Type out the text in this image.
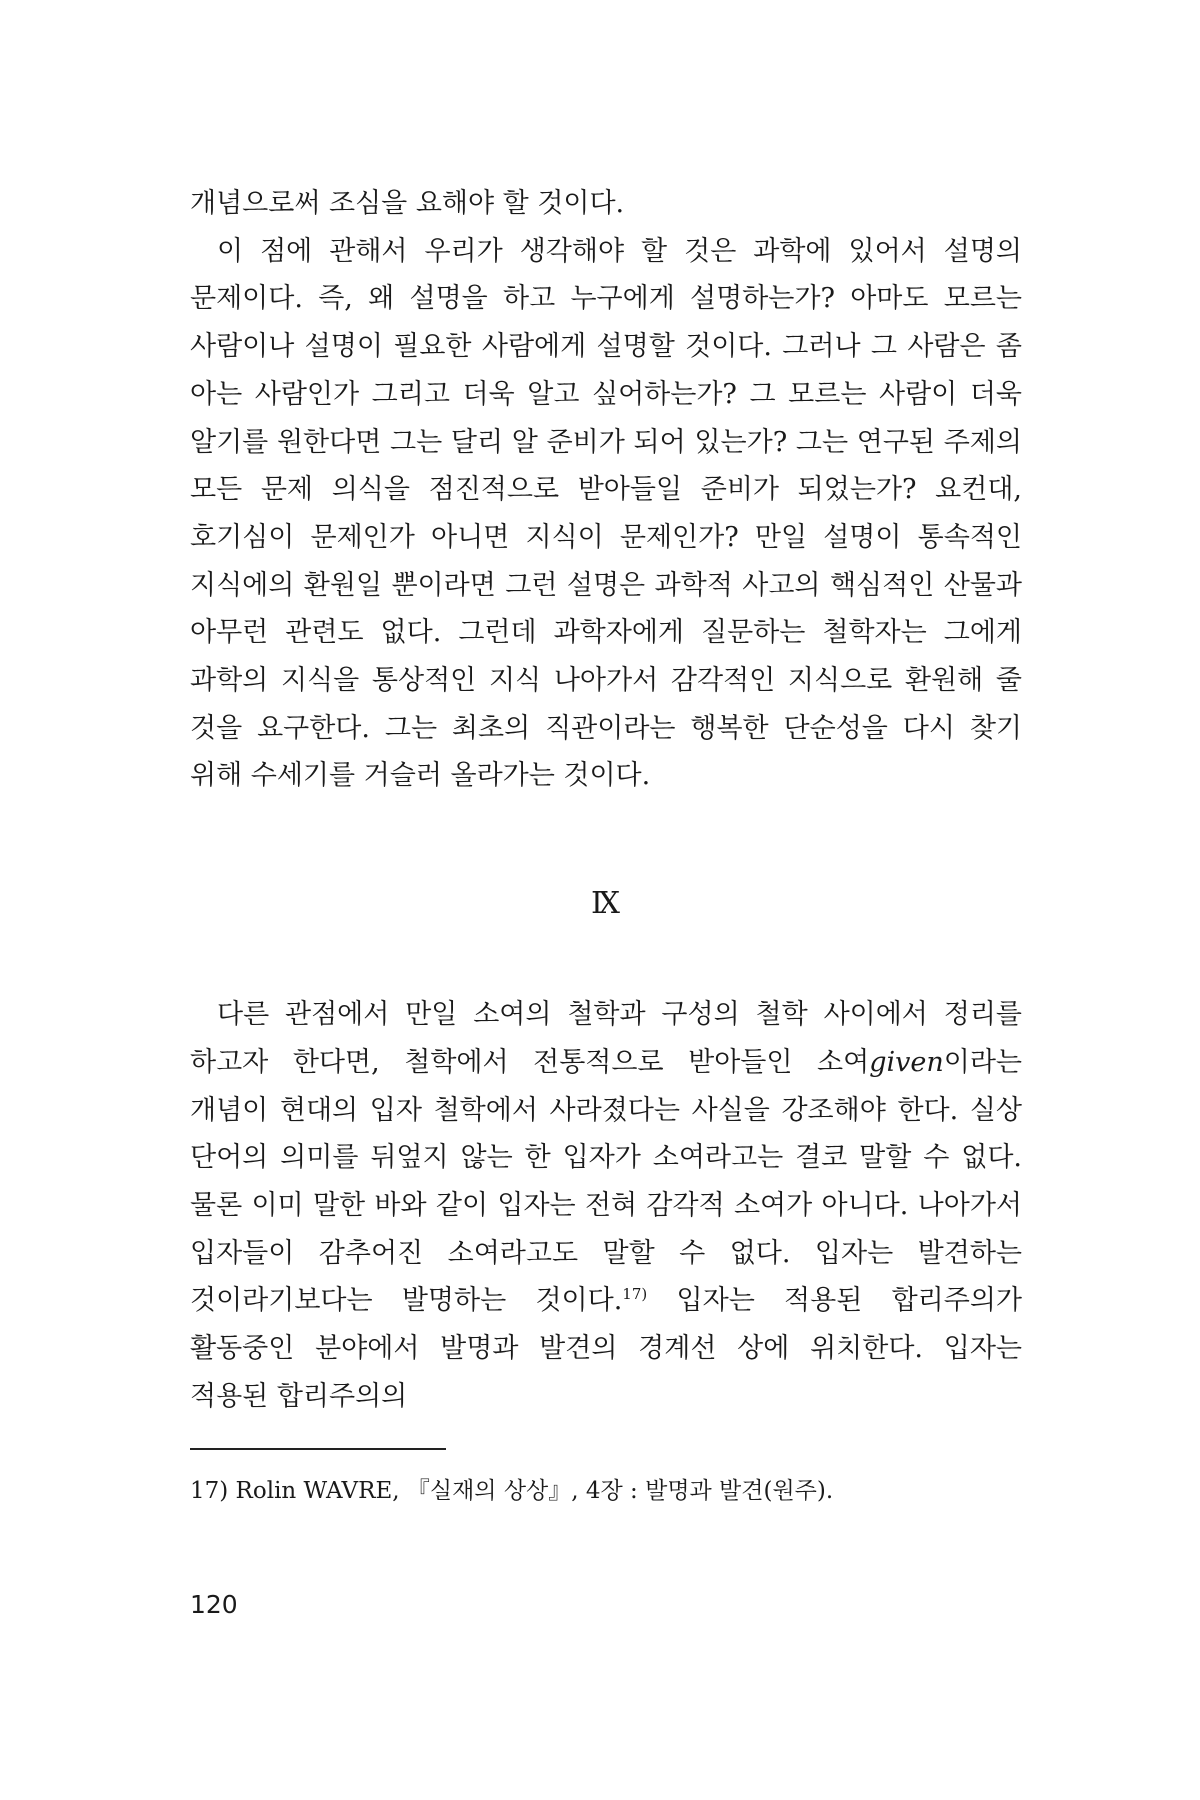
개념으로써 조심을 요해야 할 것이다.

이 점에 관해서 우리가 생각해야 할 것은 과학에 있어서 설명의 문제이다. 즉, 왜 설명을 하고 누구에게 설명하는가? 아마도 모르는 사람이나 설명이 필요한 사람에게 설명할 것이다. 그러나 그 사람은 좀 아는 사람인가 그리고 더욱 알고 싶어하는가? 그 모르는 사람이 더욱 알기를 원한다면 그는 달리 알 준비가 되어 있는가? 그는 연구된 주제의 모든 문제 의식을 점진적으로 받아들일 준비가 되었는가? 요컨대, 호기심이 문제인가 아니면 지식이 문제인가? 만일 설명이 통속적인 지식에의 환원일 뿐이라면 그런 설명은 과학적 사고의 핵심적인 산물과 아무런 관련도 없다. 그런데 과학자에게 질문하는 철학자는 그에게 과학의 지식을 통상적인 지식 나아가서 감각적인 지식으로 환원해 줄 것을 요구한다. 그는 최초의 직관이라는 행복한 단순성을 다시 찾기 위해 수세기를 거슬러 올라가는 것이다.

Ⅸ

다른 관점에서 만일 소여의 철학과 구성의 철학 사이에서 정리를 하고자 한다면, 철학에서 전통적으로 받아들인 소여given이라는 개념이 현대의 입자 철학에서 사라졌다는 사실을 강조해야 한다. 실상 단어의 의미를 뒤엎지 않는 한 입자가 소여라고는 결코 말할 수 없다. 물론 이미 말한 바와 같이 입자는 전혀 감각적 소여가 아니다. 나아가서 입자들이 감추어진 소여라고도 말할 수 없다. 입자는 발견하는 것이라기보다는 발명하는 것이다.$^{17)}$ 입자는 적용된 합리주의가 활동중인 분야에서 발명과 발견의 경계선 상에 위치한다. 입자는 적용된 합리주의의

17) Rolin WAVRE, 『실재의 상상』, 4장 : 발명과 발견(원주).

120
